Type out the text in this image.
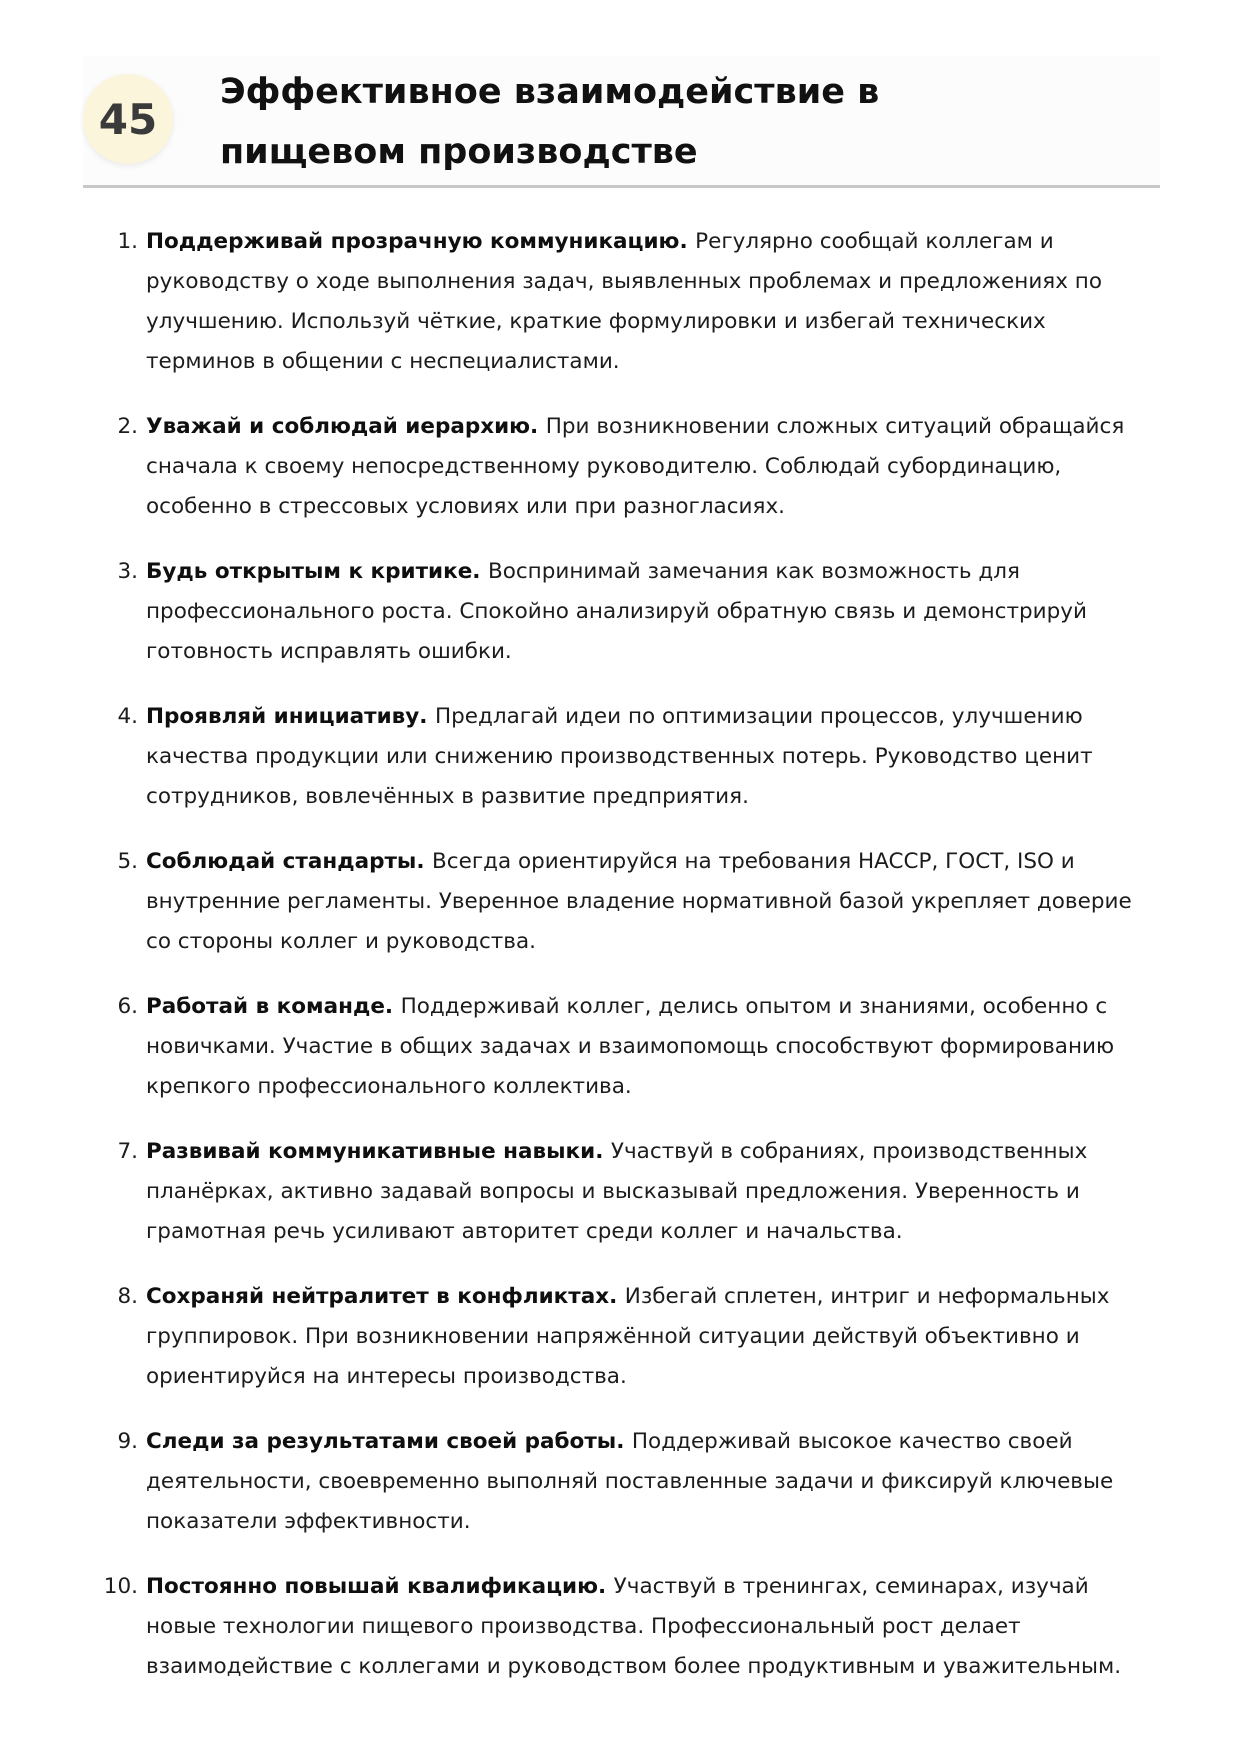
45
Эффективное взаимодействие в пищевом производстве
1. Поддерживай прозрачную коммуникацию. Регулярно сообщай коллегам и руководству о ходе выполнения задач, выявленных проблемах и предложениях по улучшению. Используй чёткие, краткие формулировки и избегай технических терминов в общении с неспециалистами.
2. Уважай и соблюдай иерархию. При возникновении сложных ситуаций обращайся сначала к своему непосредственному руководителю. Соблюдай субординацию, особенно в стрессовых условиях или при разногласиях.
3. Будь открытым к критике. Воспринимай замечания как возможность для профессионального роста. Спокойно анализируй обратную связь и демонстрируй готовность исправлять ошибки.
4. Проявляй инициативу. Предлагай идеи по оптимизации процессов, улучшению качества продукции или снижению производственных потерь. Руководство ценит сотрудников, вовлечённых в развитие предприятия.
5. Соблюдай стандарты. Всегда ориентируйся на требования HACCP, ГОСТ, ISO и внутренние регламенты. Уверенное владение нормативной базой укрепляет доверие со стороны коллег и руководства.
6. Работай в команде. Поддерживай коллег, делись опытом и знаниями, особенно с новичками. Участие в общих задачах и взаимопомощь способствуют формированию крепкого профессионального коллектива.
7. Развивай коммуникативные навыки. Участвуй в собраниях, производственных планёрках, активно задавай вопросы и высказывай предложения. Уверенность и грамотная речь усиливают авторитет среди коллег и начальства.
8. Сохраняй нейтралитет в конфликтах. Избегай сплетен, интриг и неформальных группировок. При возникновении напряжённой ситуации действуй объективно и ориентируйся на интересы производства.
9. Следи за результатами своей работы. Поддерживай высокое качество своей деятельности, своевременно выполняй поставленные задачи и фиксируй ключевые показатели эффективности.
10. Постоянно повышай квалификацию. Участвуй в тренингах, семинарах, изучай новые технологии пищевого производства. Профессиональный рост делает взаимодействие с коллегами и руководством более продуктивным и уважительным.
